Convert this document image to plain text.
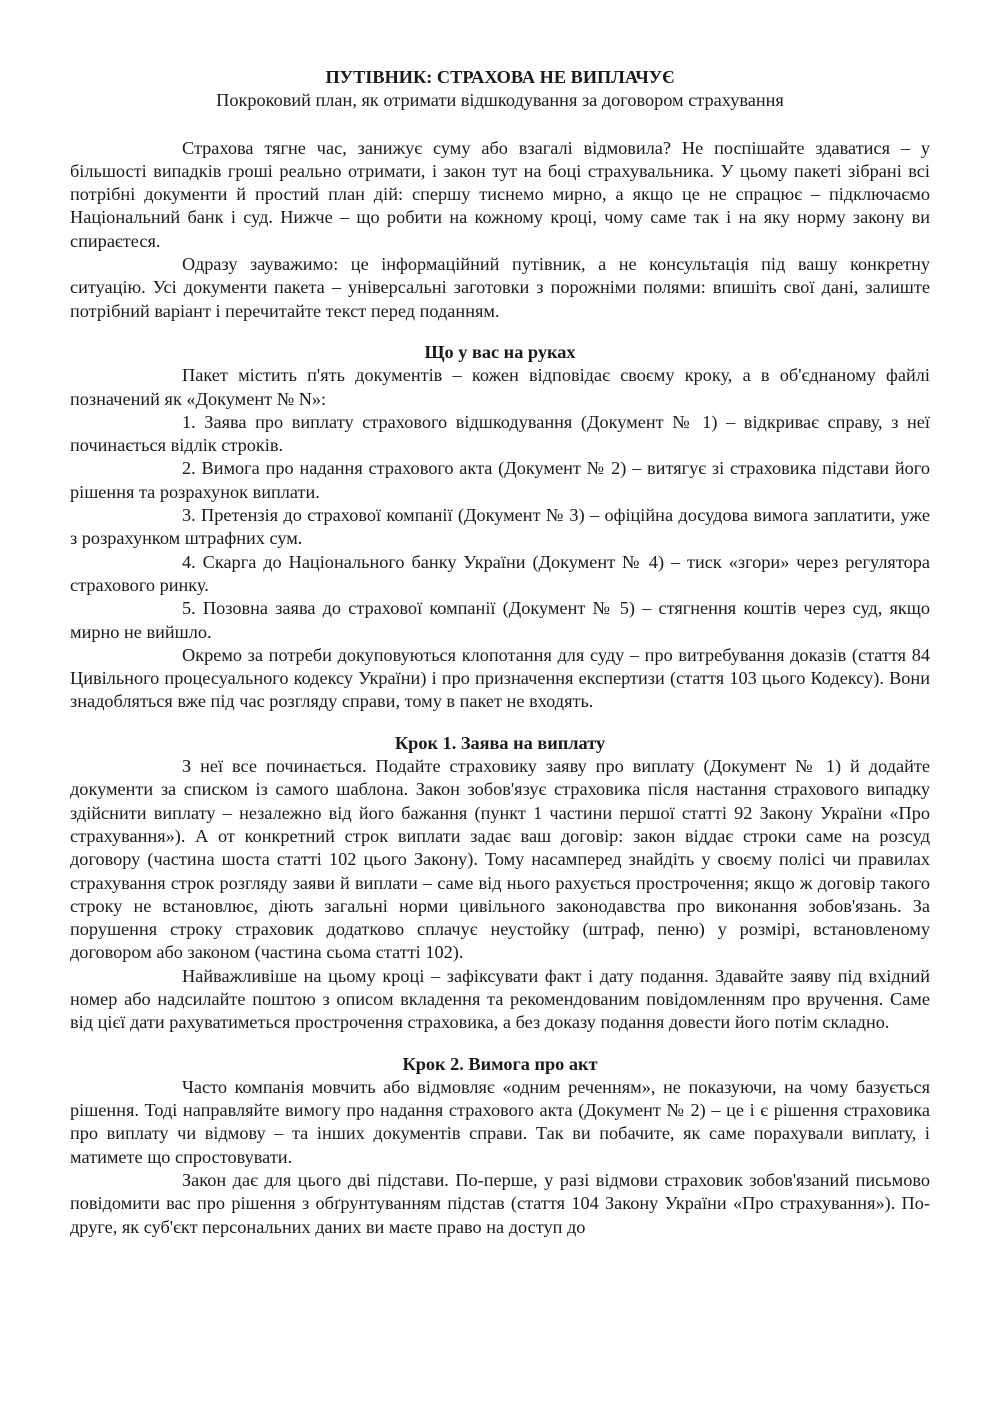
ПУТІВНИК: СТРАХОВА НЕ ВИПЛАЧУЄ

Покроковий план, як отримати відшкодування за договором страхування

Страхова тягне час, занижує суму або взагалі відмовила? Не поспішайте здаватися – у більшості випадків гроші реально отримати, і закон тут на боці страхувальника. У цьому пакеті зібрані всі потрібні документи й простий план дій: спершу тиснемо мирно, а якщо це не спрацює – підключаємо Національний банк і суд. Нижче – що робити на кожному кроці, чому саме так і на яку норму закону ви спираєтеся.

Одразу зауважимо: це інформаційний путівник, а не консультація під вашу конкретну ситуацію. Усі документи пакета – універсальні заготовки з порожніми полями: впишіть свої дані, залиште потрібний варіант і перечитайте текст перед поданням.

Що у вас на руках

Пакет містить п'ять документів – кожен відповідає своєму кроку, а в об'єднаному файлі позначений як «Документ № N»:

1. Заява про виплату страхового відшкодування (Документ № 1) – відкриває справу, з неї починається відлік строків.

2. Вимога про надання страхового акта (Документ № 2) – витягує зі страховика підстави його рішення та розрахунок виплати.

3. Претензія до страхової компанії (Документ № 3) – офіційна досудова вимога заплатити, уже з розрахунком штрафних сум.

4. Скарга до Національного банку України (Документ № 4) – тиск «згори» через регулятора страхового ринку.

5. Позовна заява до страхової компанії (Документ № 5) – стягнення коштів через суд, якщо мирно не вийшло.

Окремо за потреби докуповуються клопотання для суду – про витребування доказів (стаття 84 Цивільного процесуального кодексу України) і про призначення експертизи (стаття 103 цього Кодексу). Вони знадобляться вже під час розгляду справи, тому в пакет не входять.

Крок 1. Заява на виплату

З неї все починається. Подайте страховику заяву про виплату (Документ № 1) й додайте документи за списком із самого шаблона. Закон зобов'язує страховика після настання страхового випадку здійснити виплату – незалежно від його бажання (пункт 1 частини першої статті 92 Закону України «Про страхування»). А от конкретний строк виплати задає ваш договір: закон віддає строки саме на розсуд договору (частина шоста статті 102 цього Закону). Тому насамперед знайдіть у своєму полісі чи правилах страхування строк розгляду заяви й виплати – саме від нього рахується прострочення; якщо ж договір такого строку не встановлює, діють загальні норми цивільного законодавства про виконання зобов'язань. За порушення строку страховик додатково сплачує неустойку (штраф, пеню) у розмірі, встановленому договором або законом (частина сьома статті 102).

Найважливіше на цьому кроці – зафіксувати факт і дату подання. Здавайте заяву під вхідний номер або надсилайте поштою з описом вкладення та рекомендованим повідомленням про вручення. Саме від цієї дати рахуватиметься прострочення страховика, а без доказу подання довести його потім складно.

Крок 2. Вимога про акт

Часто компанія мовчить або відмовляє «одним реченням», не показуючи, на чому базується рішення. Тоді направляйте вимогу про надання страхового акта (Документ № 2) – це і є рішення страховика про виплату чи відмову – та інших документів справи. Так ви побачите, як саме порахували виплату, і матимете що спростовувати.

Закон дає для цього дві підстави. По-перше, у разі відмови страховик зобов'язаний письмово повідомити вас про рішення з обґрунтуванням підстав (стаття 104 Закону України «Про страхування»). По-друге, як суб'єкт персональних даних ви маєте право на доступ до
